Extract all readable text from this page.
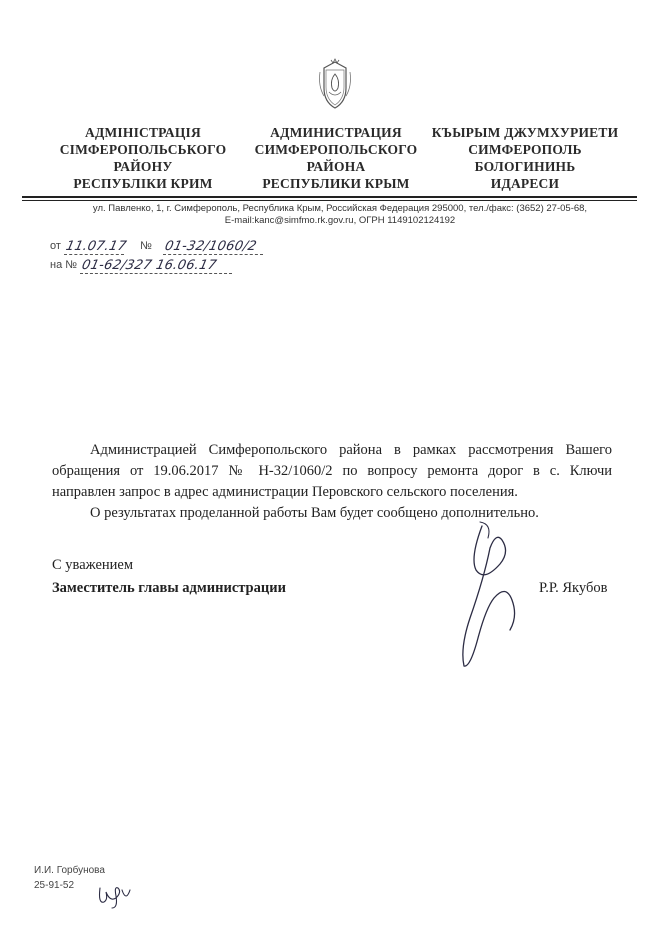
АДМІНІСТРАЦІЯ
СІМФЕРОПОЛЬСЬКОГО
РАЙОНУ
РЕСПУБЛІКИ КРИМ
АДМИНИСТРАЦИЯ
СИМФЕРОПОЛЬСКОГО
РАЙОНА
РЕСПУБЛИКИ КРЫМ
КЪЫРЫМ ДЖУМХУРИЕТИ
СИМФЕРОПОЛЬ
БОЛОГИНИНЬ
ИДАРЕСИ
ул. Павленко, 1, г. Симферополь, Республика Крым, Российская Федерация 295000, тел./факс: (3652) 27-05-68,
E-mail:kanc@simfmo.rk.gov.ru, ОГРН 1149102124192
от 11.07.17 № 01-32/1060/2
на № 01-62/327 16.06.17
Администрацией Симферопольского района в рамках рассмотрения Вашего
обращения от 19.06.2017 № Н-32/1060/2 по вопросу ремонта дорог в с. Ключи
направлен запрос в адрес администрации Перовского сельского поселения.
О результатах проделанной работы Вам будет сообщено дополнительно.
С уважением
Заместитель главы администрации	Р.Р. Якубов
И.И. Горбунова
25-91-52
